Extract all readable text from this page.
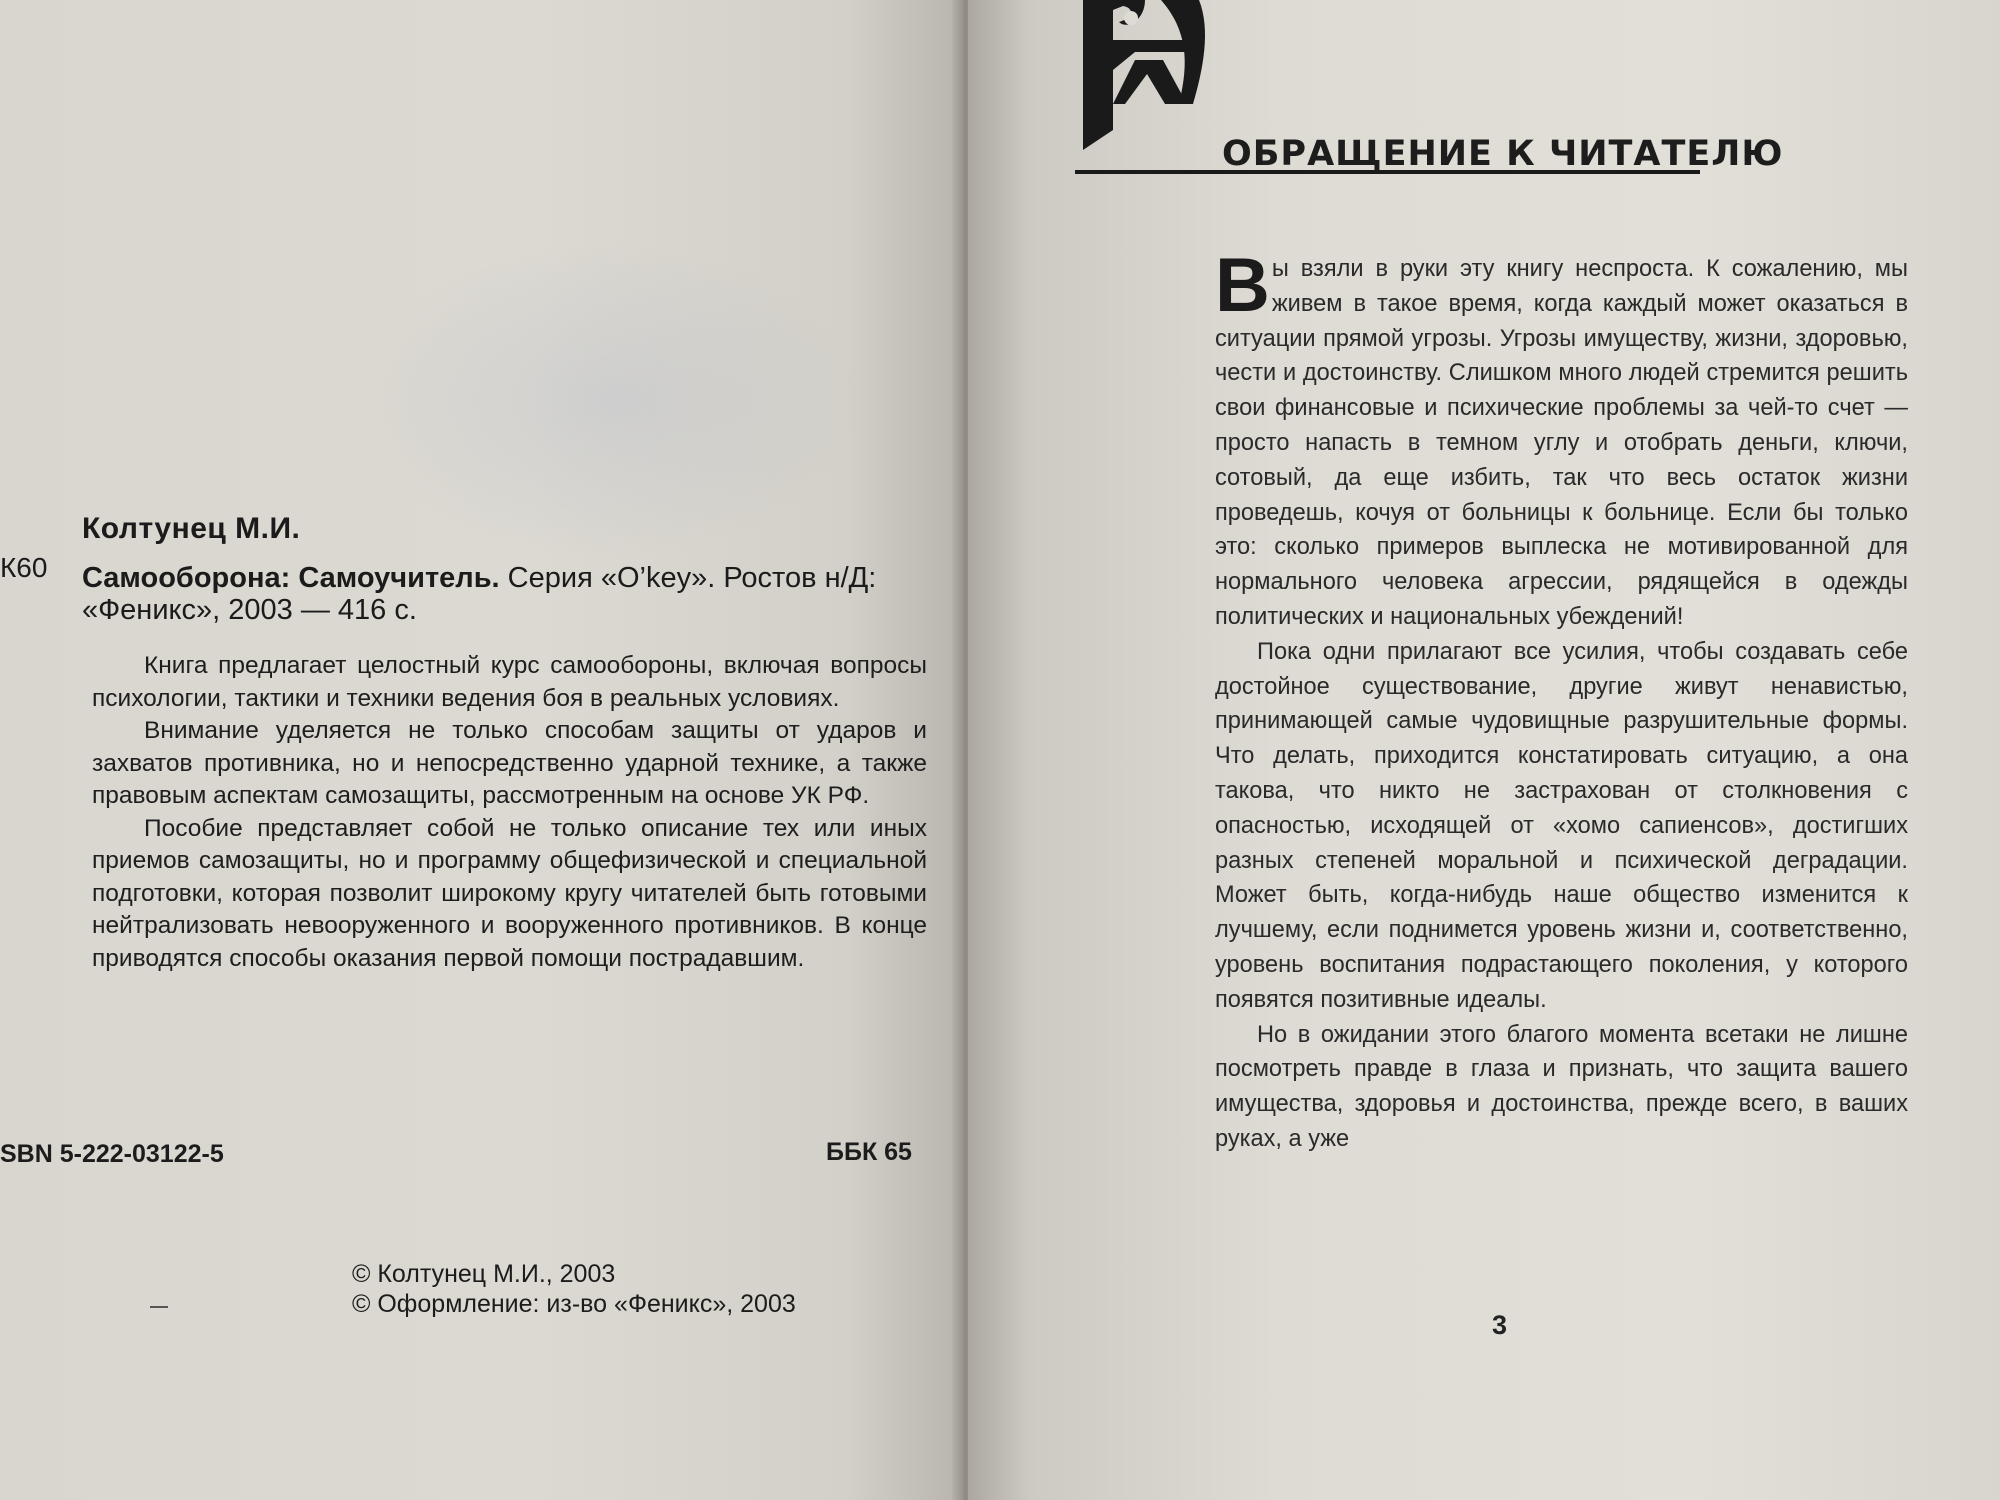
Колтунец М.И.
К60 Самооборона: Самоучитель. Серия «O’key». Ростов н/Д:
«Феникс», 2003 — 416 с.

Книга предлагает целостный курс самообороны, включая вопросы психологии, тактики и техники ведения боя в реальных условиях.

Внимание уделяется не только способам защиты от ударов и захватов противника, но и непосредственно ударной технике, а также правовым аспектам самозащиты, рассмотренным на основе УК РФ.

Пособие представляет собой не только описание тех или иных приемов самозащиты, но и программу общефизической и специальной подготовки, которая позволит широкому кругу читателей быть готовыми нейтрализовать невооруженного и вооруженного противников. В конце приводятся способы оказания первой помощи пострадавшим.

SBN 5-222-03122-5	ББК 65
© Колтунец М.И., 2003
© Оформление: из-во «Феникс», 2003
ОБРАЩЕНИЕ К ЧИТАТЕЛЮ

Вы взяли в руки эту книгу неспроста. К сожалению, мы живем в такое время, когда каждый может оказаться в ситуации прямой угрозы. Угрозы имуществу, жизни, здоровью, чести и достоинству. Слишком много людей стремится решить свои финансовые и психические проблемы за чей-то счет — просто напасть в темном углу и отобрать деньги, ключи, сотовый, да еще избить, так что весь остаток жизни проведешь, кочуя от больницы к больнице. Если бы только это: сколько примеров выплеска не мотивированной для нормального человека агрессии, рядящейся в одежды политических и национальных убеждений!

Пока одни прилагают все усилия, чтобы создавать себе достойное существование, другие живут ненавистью, принимающей самые чудовищные разрушительные формы. Что делать, приходится констатировать ситуацию, а она такова, что никто не застрахован от столкновения с опасностью, исходящей от «хомо сапиенсов», достигших разных степеней моральной и психической деградации. Может быть, когда-нибудь наше общество изменится к лучшему, если поднимется уровень жизни и, соответственно, уровень воспитания подрастающего поколения, у которого появятся позитивные идеалы.

Но в ожидании этого благого момента всетаки не лишне посмотреть правде в глаза и признать, что защита вашего имущества, здоровья и достоинства, прежде всего, в ваших руках, а уже

3
